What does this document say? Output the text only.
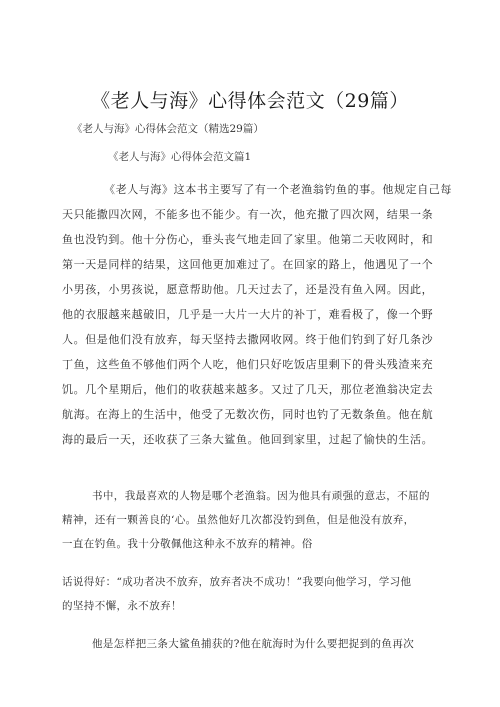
《老人与海》心得体会范文（29篇）
《老人与海》心得体会范文（精选29篇）
《老人与海》心得体会范文篇1
《老人与海》这本书主要写了有一个老渔翁钓鱼的事。他规定自己每
天只能撒四次网，不能多也不能少。有一次，他充撒了四次网，结果一条
鱼也没钓到。他十分伤心，垂头丧气地走回了家里。他第二天收网时，和
第一天是同样的结果，这回他更加难过了。在回家的路上，他遇见了一个
小男孩，小男孩说，愿意帮助他。几天过去了，还是没有鱼入网。因此，
他的衣服越来越破旧，几乎是一大片一大片的补丁，难看极了，像一个野
人。但是他们没有放弃，每天坚持去撒网收网。终于他们钓到了好几条沙
丁鱼，这些鱼不够他们两个人吃，他们只好吃饭店里剩下的骨头残渣来充
饥。几个星期后，他们的收获越来越多。又过了几天，那位老渔翁决定去
航海。在海上的生活中，他受了无数次伤，同时也钓了无数条鱼。他在航
海的最后一天，还收获了三条大鲨鱼。他回到家里，过起了愉快的生活。
书中，我最喜欢的人物是哪个老渔翁。因为他具有顽强的意志，不屈的
精神，还有一颗善良的‘心。虽然他好几次都没钓到鱼，但是他没有放弃，
一直在钓鱼。我十分敬佩他这种永不放弃的精神。俗
话说得好：“成功者决不放弃，放弃者决不成功！”我要向他学习，学习他
的坚持不懈，永不放弃！
他是怎样把三条大鲨鱼捕获的?他在航海时为什么要把捉到的鱼再次
